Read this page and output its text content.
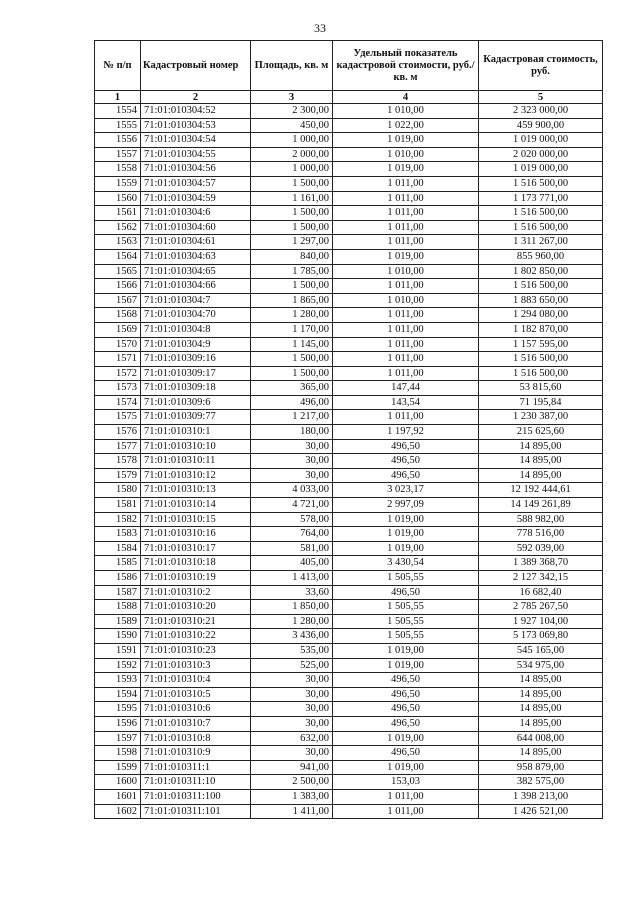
33
№ п/п	Кадастровый номер	Площадь, кв. м	Удельный показатель кадастровой стоимости, руб./кв. м	Кадастровая стоимость, руб.
1	2	3	4	5
1554	71:01:010304:52	2 300,00	1 010,00	2 323 000,00
1555	71:01:010304:53	450,00	1 022,00	459 900,00
1556	71:01:010304:54	1 000,00	1 019,00	1 019 000,00
1557	71:01:010304:55	2 000,00	1 010,00	2 020 000,00
1558	71:01:010304:56	1 000,00	1 019,00	1 019 000,00
1559	71:01:010304:57	1 500,00	1 011,00	1 516 500,00
1560	71:01:010304:59	1 161,00	1 011,00	1 173 771,00
1561	71:01:010304:6	1 500,00	1 011,00	1 516 500,00
1562	71:01:010304:60	1 500,00	1 011,00	1 516 500,00
1563	71:01:010304:61	1 297,00	1 011,00	1 311 267,00
1564	71:01:010304:63	840,00	1 019,00	855 960,00
1565	71:01:010304:65	1 785,00	1 010,00	1 802 850,00
1566	71:01:010304:66	1 500,00	1 011,00	1 516 500,00
1567	71:01:010304:7	1 865,00	1 010,00	1 883 650,00
1568	71:01:010304:70	1 280,00	1 011,00	1 294 080,00
1569	71:01:010304:8	1 170,00	1 011,00	1 182 870,00
1570	71:01:010304:9	1 145,00	1 011,00	1 157 595,00
1571	71:01:010309:16	1 500,00	1 011,00	1 516 500,00
1572	71:01:010309:17	1 500,00	1 011,00	1 516 500,00
1573	71:01:010309:18	365,00	147,44	53 815,60
1574	71:01:010309:6	496,00	143,54	71 195,84
1575	71:01:010309:77	1 217,00	1 011,00	1 230 387,00
1576	71:01:010310:1	180,00	1 197,92	215 625,60
1577	71:01:010310:10	30,00	496,50	14 895,00
1578	71:01:010310:11	30,00	496,50	14 895,00
1579	71:01:010310:12	30,00	496,50	14 895,00
1580	71:01:010310:13	4 033,00	3 023,17	12 192 444,61
1581	71:01:010310:14	4 721,00	2 997,09	14 149 261,89
1582	71:01:010310:15	578,00	1 019,00	588 982,00
1583	71:01:010310:16	764,00	1 019,00	778 516,00
1584	71:01:010310:17	581,00	1 019,00	592 039,00
1585	71:01:010310:18	405,00	3 430,54	1 389 368,70
1586	71:01:010310:19	1 413,00	1 505,55	2 127 342,15
1587	71:01:010310:2	33,60	496,50	16 682,40
1588	71:01:010310:20	1 850,00	1 505,55	2 785 267,50
1589	71:01:010310:21	1 280,00	1 505,55	1 927 104,00
1590	71:01:010310:22	3 436,00	1 505,55	5 173 069,80
1591	71:01:010310:23	535,00	1 019,00	545 165,00
1592	71:01:010310:3	525,00	1 019,00	534 975,00
1593	71:01:010310:4	30,00	496,50	14 895,00
1594	71:01:010310:5	30,00	496,50	14 895,00
1595	71:01:010310:6	30,00	496,50	14 895,00
1596	71:01:010310:7	30,00	496,50	14 895,00
1597	71:01:010310:8	632,00	1 019,00	644 008,00
1598	71:01:010310:9	30,00	496,50	14 895,00
1599	71:01:010311:1	941,00	1 019,00	958 879,00
1600	71:01:010311:10	2 500,00	153,03	382 575,00
1601	71:01:010311:100	1 383,00	1 011,00	1 398 213,00
1602	71:01:010311:101	1 411,00	1 011,00	1 426 521,00
